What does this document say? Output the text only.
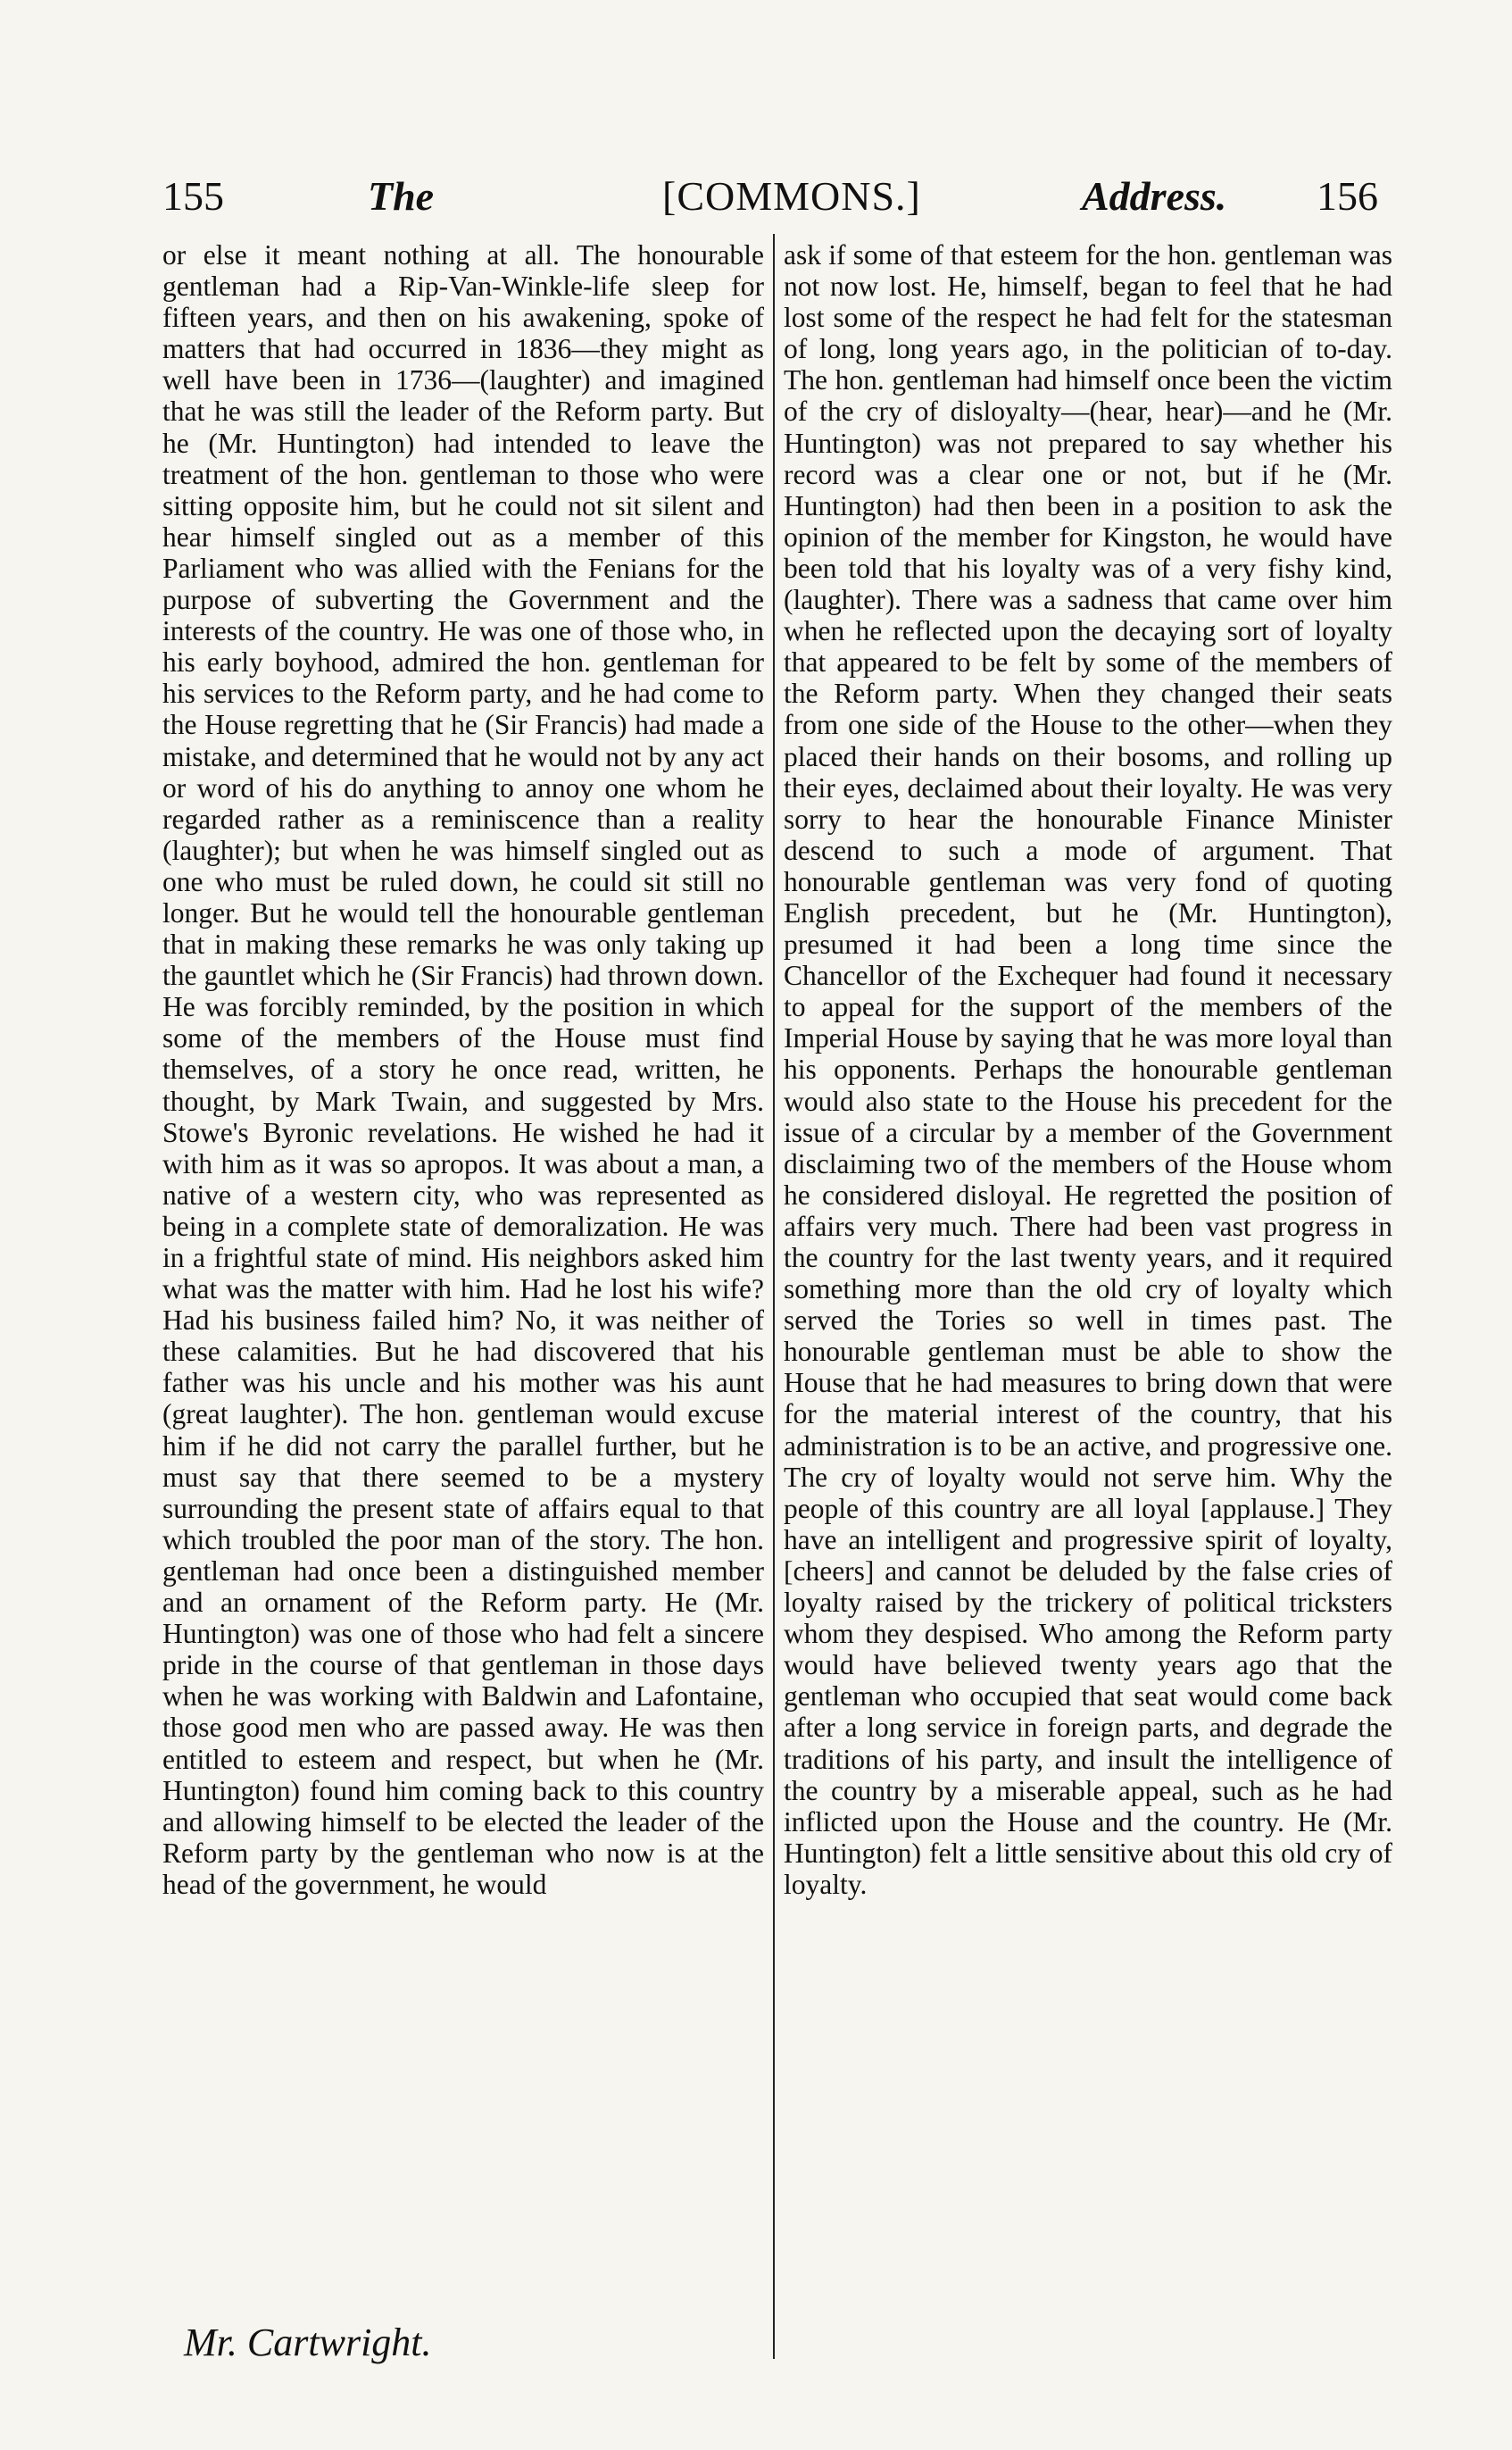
155	The	[COMMONS.]	Address. 156

or else it meant nothing at all. The honourable gentleman had a Rip-Van-Winkle-life sleep for fifteen years, and then on his awakening, spoke of matters that had occurred in 1836—they might as well have been in 1736—(laughter) and imagined that he was still the leader of the Reform party. But he (Mr. Huntington) had intended to leave the treatment of the hon. gentleman to those who were sitting opposite him, but he could not sit silent and hear himself singled out as a member of this Parliament who was allied with the Fenians for the purpose of subverting the Government and the interests of the country. He was one of those who, in his early boyhood, admired the hon. gentleman for his services to the Reform party, and he had come to the House regretting that he (Sir Francis) had made a mistake, and determined that he would not by any act or word of his do anything to annoy one whom he regarded rather as a reminiscence than a reality (laughter); but when he was himself singled out as one who must be ruled down, he could sit still no longer. But he would tell the honourable gentleman that in making these remarks he was only taking up the gauntlet which he (Sir Francis) had thrown down. He was forcibly reminded, by the position in which some of the members of the House must find themselves, of a story he once read, written, he thought, by Mark Twain, and suggested by Mrs. Stowe's Byronic revelations. He wished he had it with him as it was so apropos. It was about a man, a native of a western city, who was represented as being in a complete state of demoralization. He was in a frightful state of mind. His neighbors asked him what was the matter with him. Had he lost his wife? Had his business failed him? No, it was neither of these calamities. But he had discovered that his father was his uncle and his mother was his aunt (great laughter). The hon. gentleman would excuse him if he did not carry the parallel further, but he must say that there seemed to be a mystery surrounding the present state of affairs equal to that which troubled the poor man of the story. The hon. gentleman had once been a distinguished member and an ornament of the Reform party. He (Mr. Huntington) was one of those who had felt a sincere pride in the course of that gentleman in those days when he was working with Baldwin and Lafontaine, those good men who are passed away. He was then entitled to esteem and respect, but when he (Mr. Huntington) found him coming back to this country and allowing himself to be elected the leader of the Reform party by the gentleman who now is at the head of the government, he would

ask if some of that esteem for the hon. gentleman was not now lost. He, himself, began to feel that he had lost some of the respect he had felt for the statesman of long, long years ago, in the politician of to-day. The hon. gentleman had himself once been the victim of the cry of disloyalty—(hear, hear)—and he (Mr. Huntington) was not prepared to say whether his record was a clear one or not, but if he (Mr. Huntington) had then been in a position to ask the opinion of the member for Kingston, he would have been told that his loyalty was of a very fishy kind, (laughter). There was a sadness that came over him when he reflected upon the decaying sort of loyalty that appeared to be felt by some of the members of the Reform party. When they changed their seats from one side of the House to the other—when they placed their hands on their bosoms, and rolling up their eyes, declaimed about their loyalty. He was very sorry to hear the honourable Finance Minister descend to such a mode of argument. That honourable gentleman was very fond of quoting English precedent, but he (Mr. Huntington), presumed it had been a long time since the Chancellor of the Exchequer had found it necessary to appeal for the support of the members of the Imperial House by saying that he was more loyal than his opponents. Perhaps the honourable gentleman would also state to the House his precedent for the issue of a circular by a member of the Government disclaiming two of the members of the House whom he considered disloyal. He regretted the position of affairs very much. There had been vast progress in the country for the last twenty years, and it required something more than the old cry of loyalty which served the Tories so well in times past. The honourable gentleman must be able to show the House that he had measures to bring down that were for the material interest of the country, that his administration is to be an active, and progressive one. The cry of loyalty would not serve him. Why the people of this country are all loyal [applause.] They have an intelligent and progressive spirit of loyalty, [cheers] and cannot be deluded by the false cries of loyalty raised by the trickery of political tricksters whom they despised. Who among the Reform party would have believed twenty years ago that the gentleman who occupied that seat would come back after a long service in foreign parts, and degrade the traditions of his party, and insult the intelligence of the country by a miserable appeal, such as he had inflicted upon the House and the country. He (Mr. Huntington) felt a little sensitive about this old cry of loyalty.

Mr. Cartwright.
